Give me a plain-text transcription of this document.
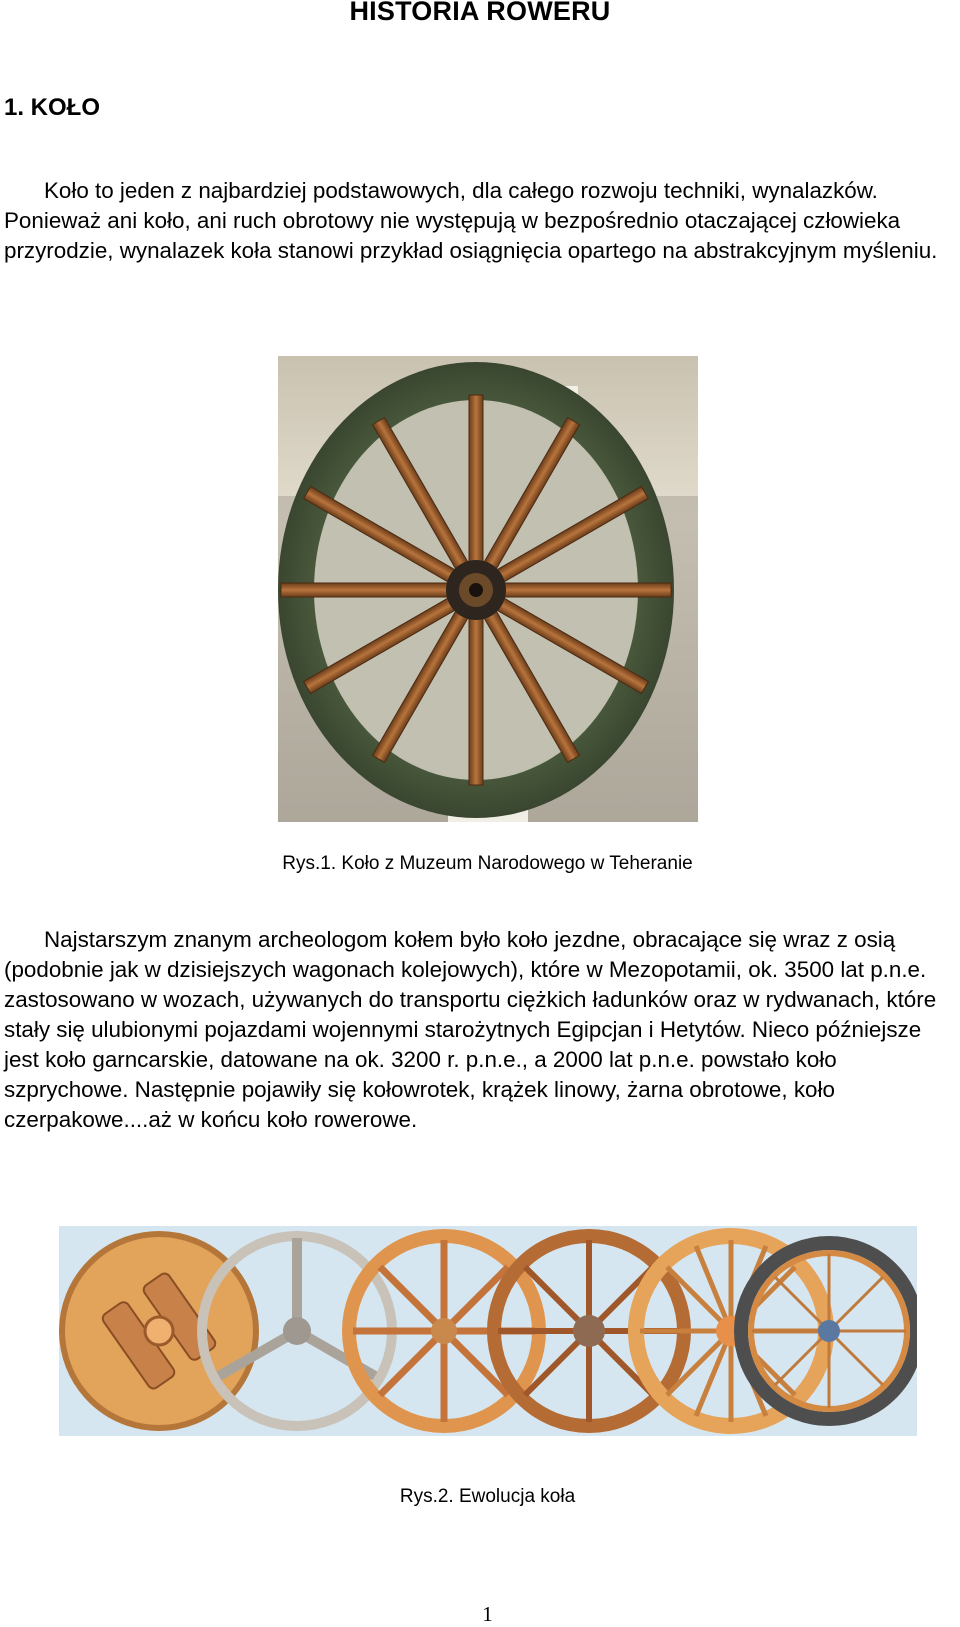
HISTORIA ROWERU
1. KOŁO

Koło to jeden z najbardziej podstawowych, dla całego rozwoju techniki, wynalazków. Ponieważ ani koło, ani ruch obrotowy nie występują w bezpośrednio otaczającej człowieka przyrodzie, wynalazek koła stanowi przykład osiągnięcia opartego na abstrakcyjnym myśleniu.

Rys.1. Koło z Muzeum Narodowego w Teheranie

Najstarszym znanym archeologom kołem było koło jezdne, obracające się wraz z osią (podobnie jak w dzisiejszych wagonach kolejowych), które w Mezopotamii, ok. 3500 lat p.n.e. zastosowano w wozach, używanych do transportu ciężkich ładunków oraz w rydwanach, które stały się ulubionymi pojazdami wojennymi starożytnych Egipcjan i Hetytów. Nieco późniejsze jest koło garncarskie, datowane na ok. 3200 r. p.n.e., a 2000 lat p.n.e. powstało koło szprychowe. Następnie pojawiły się kołowrotek, krążek linowy, żarna obrotowe, koło czerpakowe....aż w końcu koło rowerowe.

Rys.2. Ewolucja koła

1
